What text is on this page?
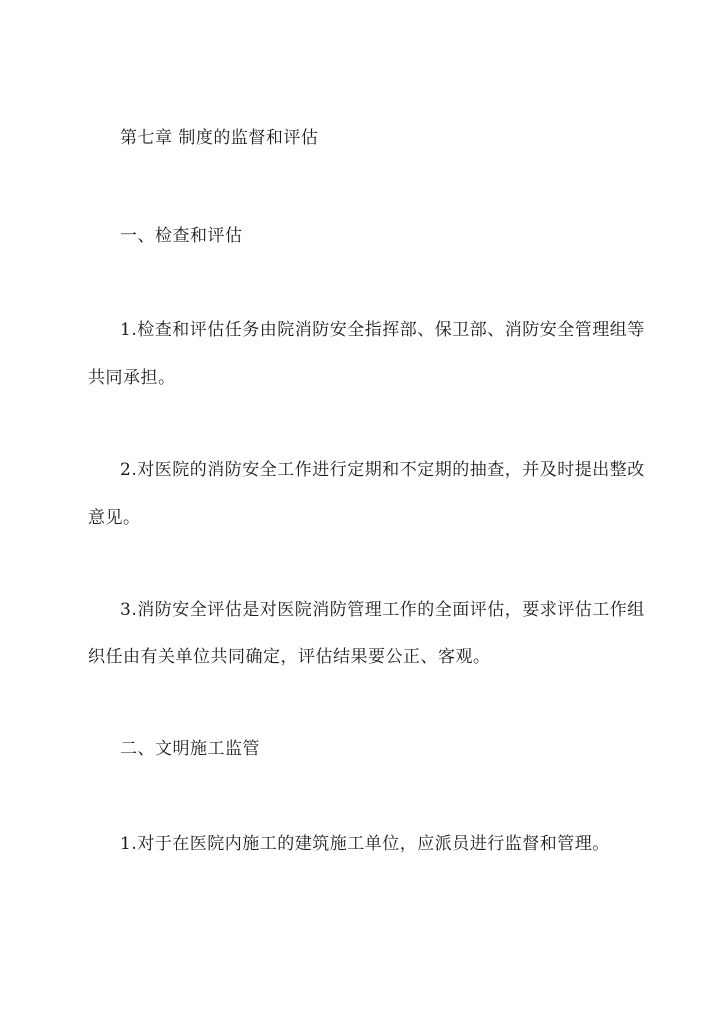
第七章 制度的监督和评估
一、检查和评估
1.检查和评估任务由院消防安全指挥部、保卫部、消防安全管理组等
共同承担。
2.对医院的消防安全工作进行定期和不定期的抽查，并及时提出整改
意见。
3.消防安全评估是对医院消防管理工作的全面评估，要求评估工作组
织任由有关单位共同确定，评估结果要公正、客观。
二、文明施工监管
1.对于在医院内施工的建筑施工单位，应派员进行监督和管理。
